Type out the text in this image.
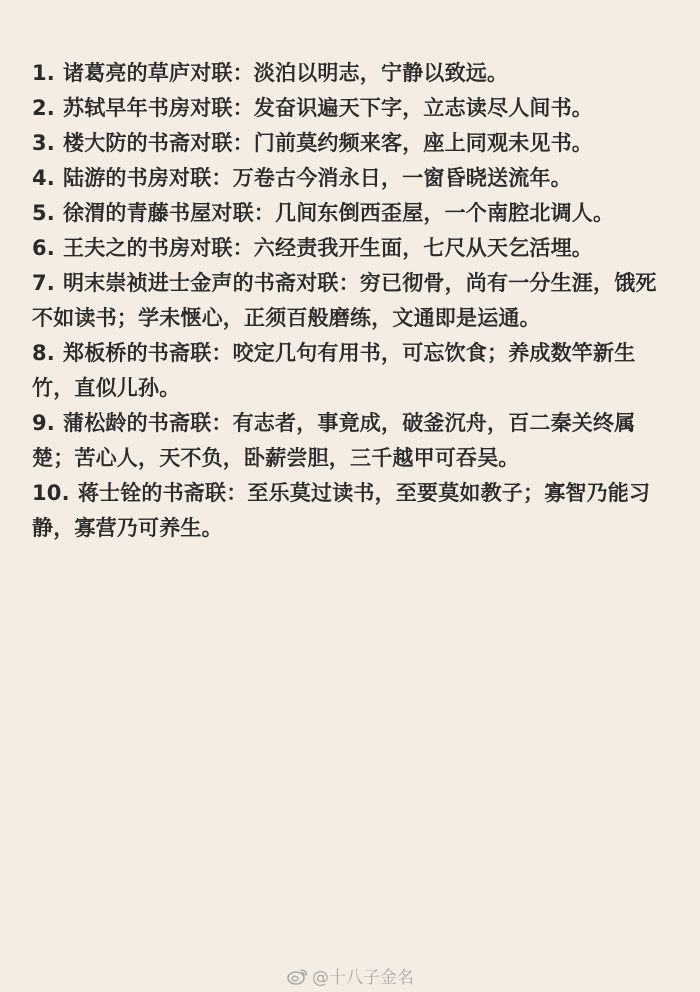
1. 诸葛亮的草庐对联：淡泊以明志，宁静以致远。

2. 苏轼早年书房对联：发奋识遍天下字，立志读尽人间书。

3. 楼大防的书斋对联：门前莫约频来客，座上同观未见书。

4. 陆游的书房对联：万卷古今消永日，一窗昏晓送流年。

5. 徐渭的青藤书屋对联：几间东倒西歪屋，一个南腔北调人。

6. 王夫之的书房对联：六经责我开生面，七尺从天乞活埋。

7. 明末崇祯进士金声的书斋对联：穷已彻骨，尚有一分生涯，饿死不如读书；学未惬心，正须百般磨练，文通即是运通。

8. 郑板桥的书斋联：咬定几句有用书，可忘饮食；养成数竿新生竹，直似儿孙。

9. 蒲松龄的书斋联：有志者，事竟成，破釜沉舟，百二秦关终属楚；苦心人，天不负，卧薪尝胆，三千越甲可吞吴。

10. 蒋士铨的书斋联：至乐莫过读书，至要莫如教子；寡智乃能习静，寡营乃可养生。

@十八子金名
